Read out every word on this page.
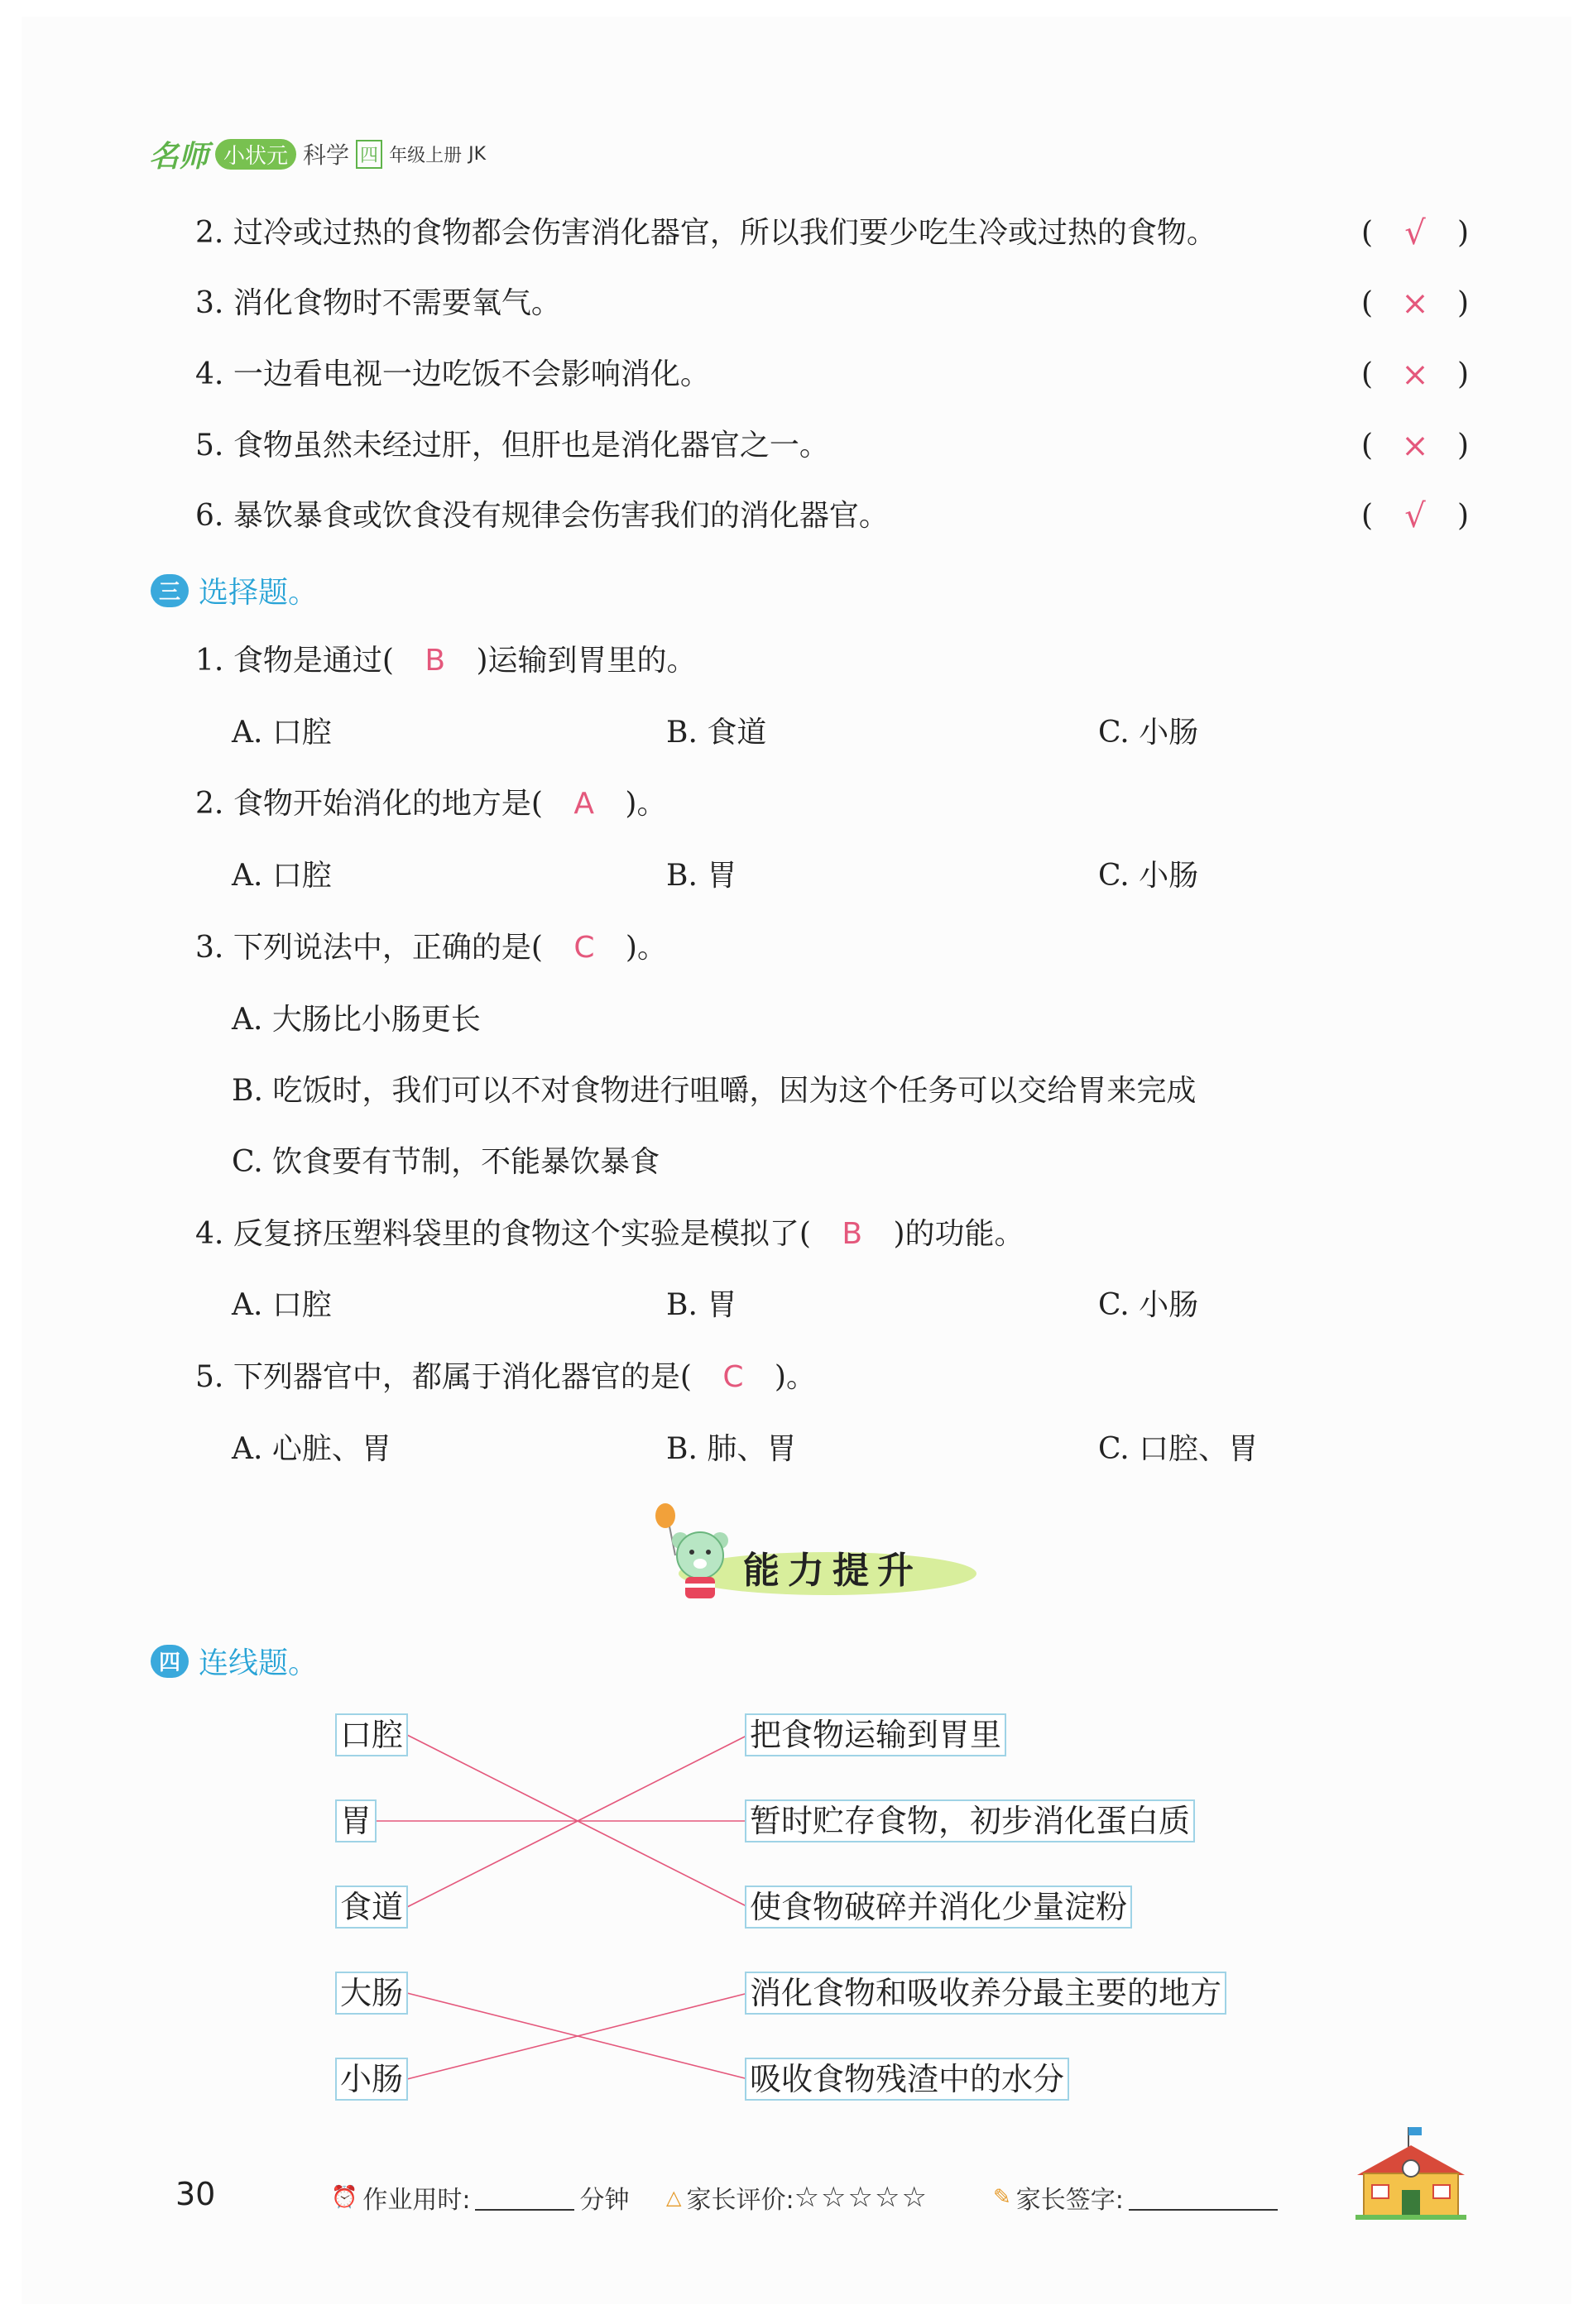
名师 小状元 科学 四 年级上册 JK
2. 过冷或过热的食物都会伤害消化器官，所以我们要少吃生冷或过热的食物。	( √ )
3. 消化食物时不需要氧气。	( × )
4. 一边看电视一边吃饭不会影响消化。	( × )
5. 食物虽然未经过肝，但肝也是消化器官之一。	( × )
6. 暴饮暴食或饮食没有规律会伤害我们的消化器官。	( √ )
三 选择题。
1. 食物是通过( B )运输到胃里的。
A. 口腔	B. 食道	C. 小肠
2. 食物开始消化的地方是( A )。
A. 口腔	B. 胃	C. 小肠
3. 下列说法中，正确的是( C )。
A. 大肠比小肠更长
B. 吃饭时，我们可以不对食物进行咀嚼，因为这个任务可以交给胃来完成
C. 饮食要有节制，不能暴饮暴食
4. 反复挤压塑料袋里的食物这个实验是模拟了( B )的功能。
A. 口腔	B. 胃	C. 小肠
5. 下列器官中，都属于消化器官的是( C )。
A. 心脏、胃	B. 肺、胃	C. 口腔、胃
能力提升
四 连线题。
口腔
胃
食道
大肠
小肠
把食物运输到胃里
暂时贮存食物，初步消化蛋白质
使食物破碎并消化少量淀粉
消化食物和吸收养分最主要的地方
吸收食物残渣中的水分
30	⏰ 作业用时:	分钟 △ 家长评价: ☆☆☆☆☆	✎ 家长签字:
